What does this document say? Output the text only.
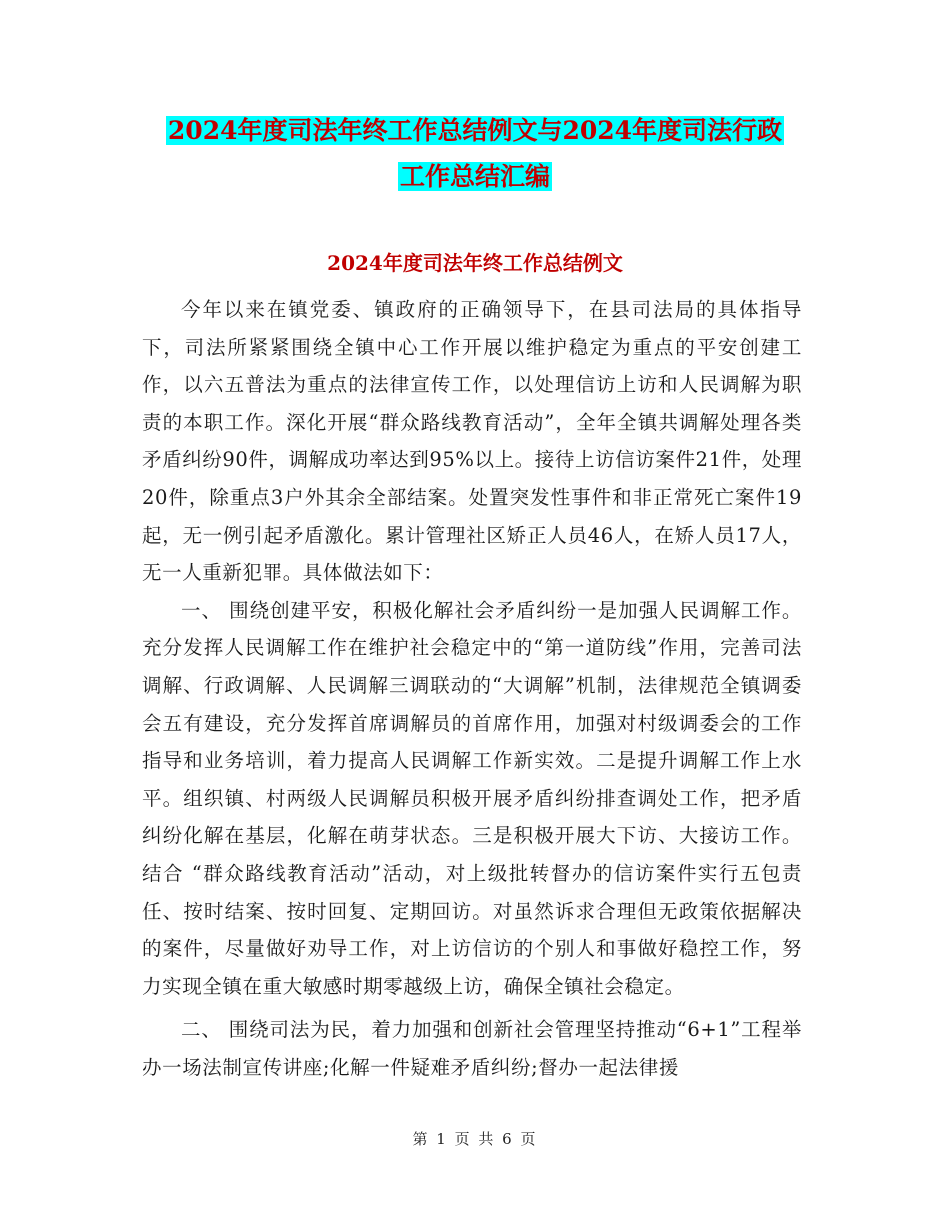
2024年度司法年终工作总结例文与2024年度司法行政
工作总结汇编
2024年度司法年终工作总结例文

今年以来在镇党委、镇政府的正确领导下，在县司法局的具体指导下，司法所紧紧围绕全镇中心工作开展以维护稳定为重点的平安创建工作，以六五普法为重点的法律宣传工作，以处理信访上访和人民调解为职责的本职工作。深化开展“群众路线教育活动”，全年全镇共调解处理各类矛盾纠纷90件，调解成功率达到95%以上。接待上访信访案件21件，处理20件，除重点3户外其余全部结案。处置突发性事件和非正常死亡案件19起，无一例引起矛盾激化。累计管理社区矫正人员46人，在矫人员17人，无一人重新犯罪。具体做法如下：

一、 围绕创建平安，积极化解社会矛盾纠纷一是加强人民调解工作。充分发挥人民调解工作在维护社会稳定中的“第一道防线”作用，完善司法调解、行政调解、人民调解三调联动的“大调解”机制，法律规范全镇调委会五有建设，充分发挥首席调解员的首席作用，加强对村级调委会的工作指导和业务培训，着力提高人民调解工作新实效。二是提升调解工作上水平。组织镇、村两级人民调解员积极开展矛盾纠纷排查调处工作，把矛盾纠纷化解在基层，化解在萌芽状态。三是积极开展大下访、大接访工作。结合 “群众路线教育活动”活动，对上级批转督办的信访案件实行五包责任、按时结案、按时回复、定期回访。对虽然诉求合理但无政策依据解决的案件，尽量做好劝导工作，对上访信访的个别人和事做好稳控工作，努力实现全镇在重大敏感时期零越级上访，确保全镇社会稳定。

二、 围绕司法为民，着力加强和创新社会管理坚持推动“6+1”工程举办一场法制宣传讲座;化解一件疑难矛盾纠纷;督办一起法律援

第 1 页 共 6 页
